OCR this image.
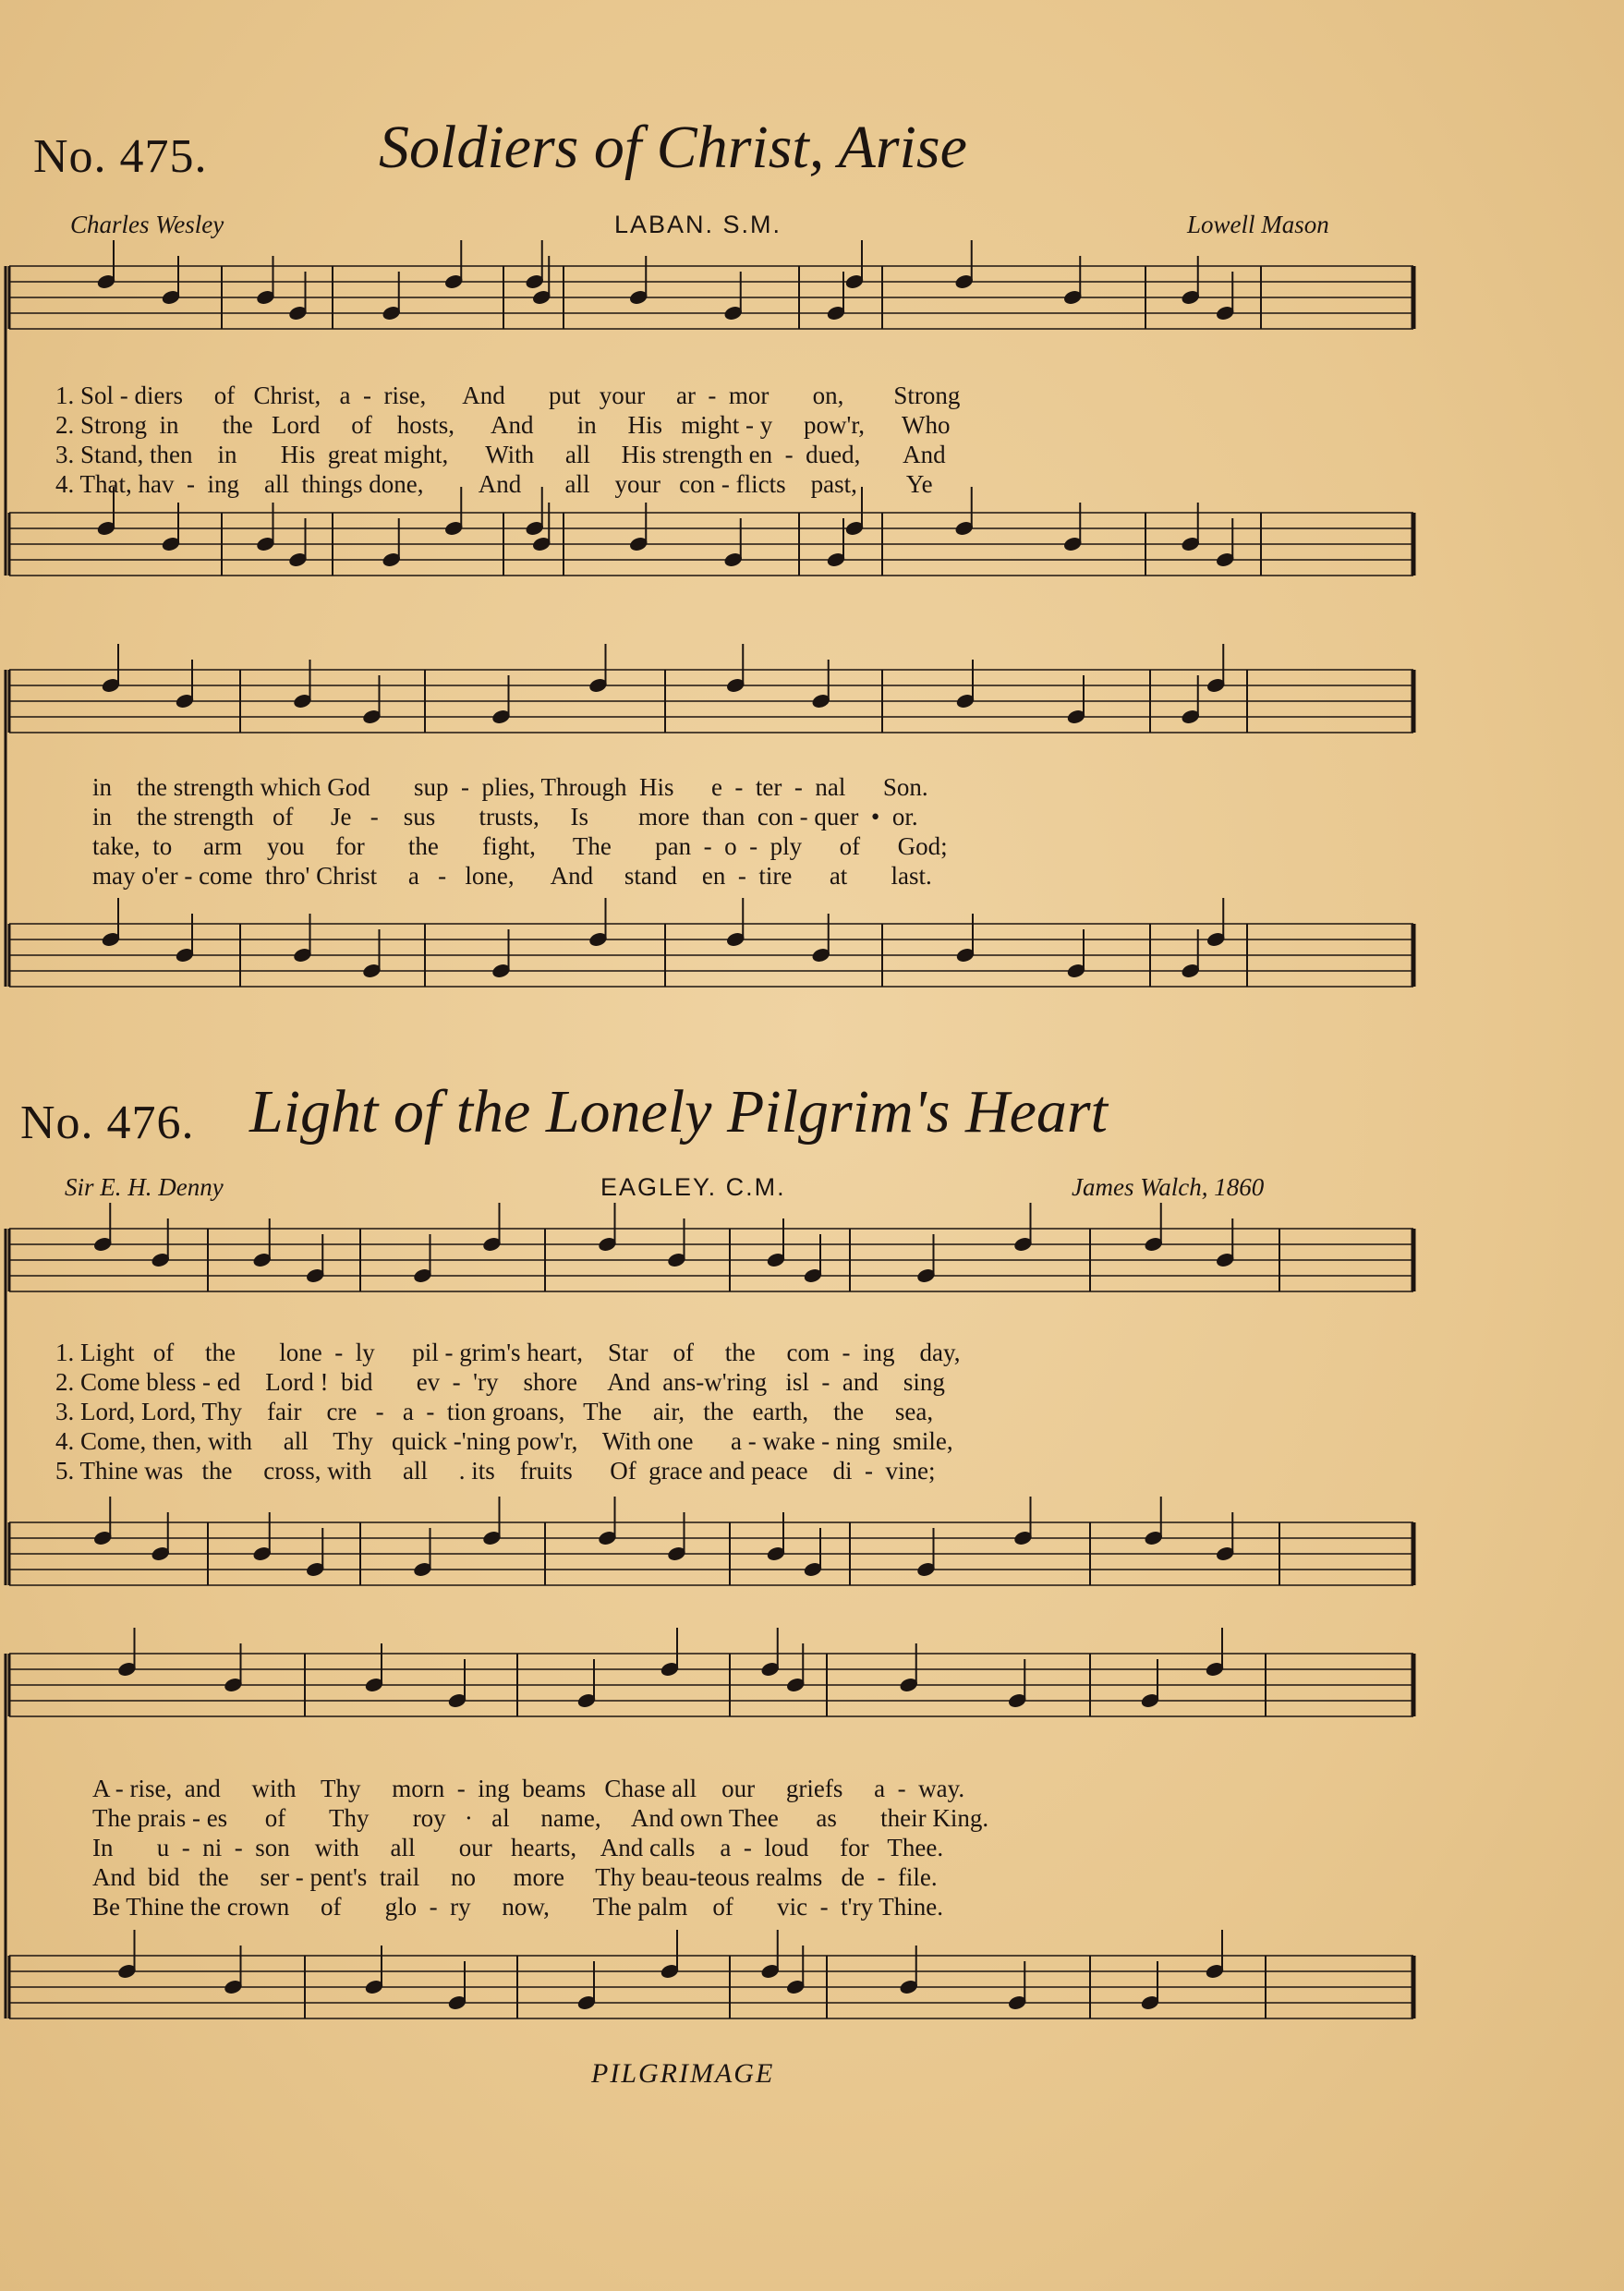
No. 475.	Soldiers of Christ, Arise
Charles Wesley	LABAN. S.M.	Lowell Mason
1. Sol - diers     of   Christ,   a  -  rise,      And       put   your     ar  -  mor       on,        Strong
2. Strong  in       the   Lord     of    hosts,      And       in     His   might - y     pow'r,      Who
3. Stand, then    in       His  great might,      With     all     His strength en  -  dued,       And
4. That, hav  -  ing    all  things done,         And       all    your   con - flicts    past,        Ye
in    the strength which God       sup  -  plies, Through  His      e  -  ter  -  nal      Son.
in    the strength   of      Je   -    sus       trusts,     Is        more  than  con - quer  •  or.
take,  to     arm    you     for       the       fight,      The       pan  -  o  -  ply      of      God;
may o'er - come  thro' Christ     a   -   lone,      And     stand    en  -  tire      at       last.
No. 476. Light of the Lonely Pilgrim's Heart
Sir E. H. Denny	EAGLEY. C.M.	James Walch, 1860
1. Light   of     the       lone  -  ly      pil - grim's heart,    Star    of     the     com  -  ing    day,
2. Come bless - ed    Lord !  bid       ev  -  'ry    shore     And  ans-w'ring   isl  -  and    sing
3. Lord, Lord, Thy    fair    cre   -   a  -  tion groans,   The     air,   the   earth,    the     sea,
4. Come, then, with     all    Thy   quick -'ning pow'r,    With one      a - wake - ning  smile,
5. Thine was   the     cross, with     all     . its    fruits      Of  grace and peace    di  -  vine;
A - rise,  and     with    Thy     morn  -  ing  beams   Chase all    our     griefs     a  -  way.
The prais - es      of       Thy       roy   ·   al     name,     And own Thee      as       their King.
In       u  -  ni  -  son    with     all       our   hearts,    And calls    a  -  loud     for   Thee.
And  bid   the     ser - pent's  trail     no      more     Thy beau-teous realms   de  -  file.
Be Thine the crown     of       glo  -  ry     now,       The palm    of       vic  -  t'ry Thine.
PILGRIMAGE
